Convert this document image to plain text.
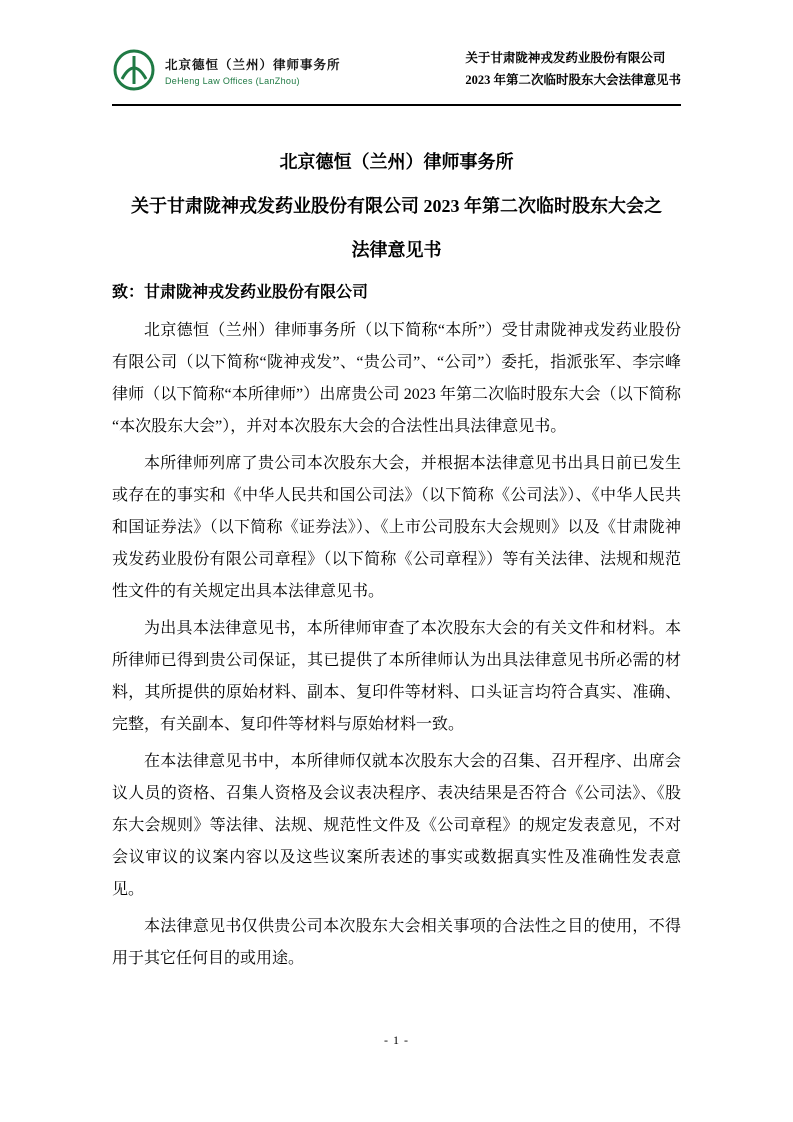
北京德恒（兰州）律师事务所
DeHeng Law Offices (LanZhou)
关于甘肃陇神戎发药业股份有限公司
2023 年第二次临时股东大会法律意见书
北京德恒（兰州）律师事务所
关于甘肃陇神戎发药业股份有限公司 2023 年第二次临时股东大会之
法律意见书

致：甘肃陇神戎发药业股份有限公司

北京德恒（兰州）律师事务所（以下简称“本所”）受甘肃陇神戎发药业股份有限公司（以下简称“陇神戎发”、“贵公司”、“公司”）委托，指派张军、李宗峰律师（以下简称“本所律师”）出席贵公司 2023 年第二次临时股东大会（以下简称“本次股东大会”），并对本次股东大会的合法性出具法律意见书。

本所律师列席了贵公司本次股东大会，并根据本法律意见书出具日前已发生或存在的事实和《中华人民共和国公司法》（以下简称《公司法》）、《中华人民共和国证券法》（以下简称《证券法》）、《上市公司股东大会规则》以及《甘肃陇神戎发药业股份有限公司章程》（以下简称《公司章程》）等有关法律、法规和规范性文件的有关规定出具本法律意见书。

为出具本法律意见书，本所律师审查了本次股东大会的有关文件和材料。本所律师已得到贵公司保证，其已提供了本所律师认为出具法律意见书所必需的材料，其所提供的原始材料、副本、复印件等材料、口头证言均符合真实、准确、完整，有关副本、复印件等材料与原始材料一致。

在本法律意见书中，本所律师仅就本次股东大会的召集、召开程序、出席会议人员的资格、召集人资格及会议表决程序、表决结果是否符合《公司法》、《股东大会规则》等法律、法规、规范性文件及《公司章程》的规定发表意见，不对会议审议的议案内容以及这些议案所表述的事实或数据真实性及准确性发表意见。

本法律意见书仅供贵公司本次股东大会相关事项的合法性之目的使用，不得用于其它任何目的或用途。

- 1 -
